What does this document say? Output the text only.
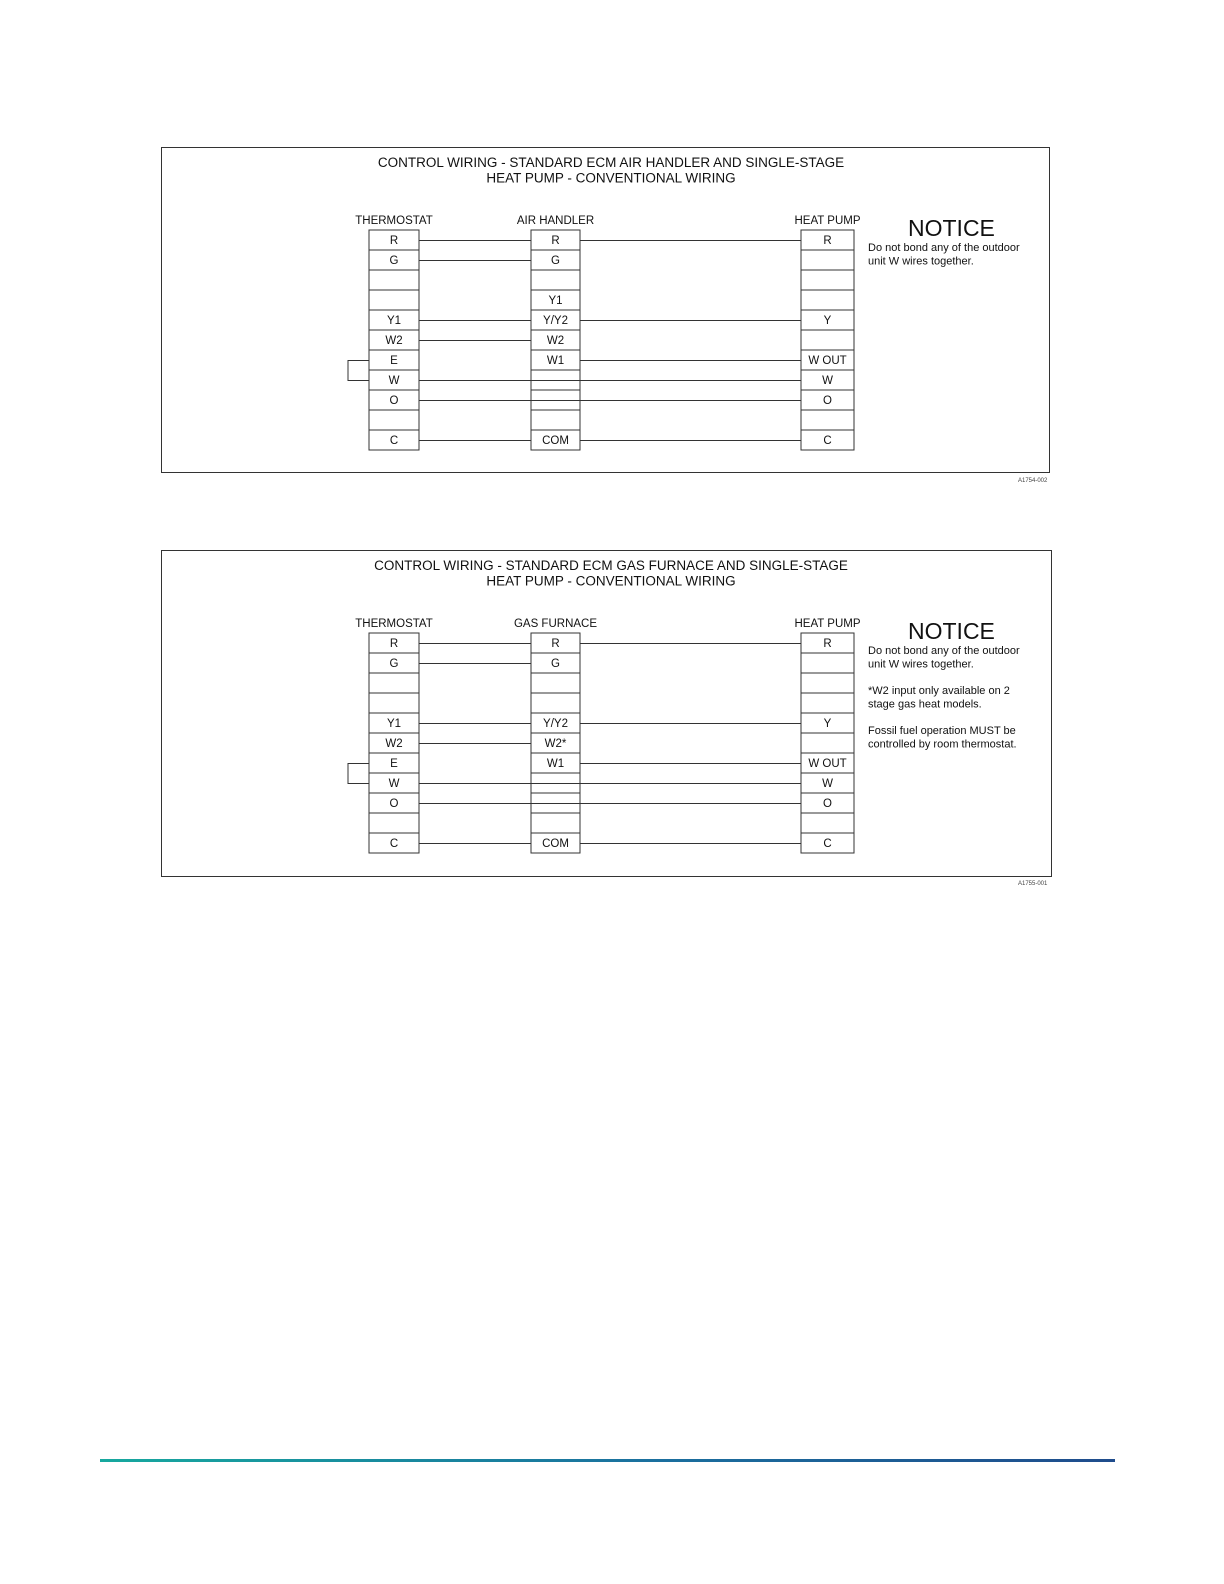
CONTROL WIRING - STANDARD ECM AIR HANDLER AND SINGLE-STAGE
HEAT PUMP - CONVENTIONAL WIRING
THERMOSTAT
R
G
Y1
W2
E
W
O
C
AIR HANDLER
R
G
Y1
Y/Y2
W2
W1
COM
HEAT PUMP
R
Y
W OUT
W
O
C
NOTICE
Do not bond any of the outdoor
unit W wires together.
A1754-002
CONTROL WIRING - STANDARD ECM GAS FURNACE AND SINGLE-STAGE
HEAT PUMP - CONVENTIONAL WIRING
THERMOSTAT
R
G
Y1
W2
E
W
O
C
GAS FURNACE
R
G
Y/Y2
W2*
W1
COM
HEAT PUMP
R
Y
W OUT
W
O
C
NOTICE
Do not bond any of the outdoor
unit W wires together.
*W2 input only available on 2
stage gas heat models.
Fossil fuel operation MUST be
controlled by room thermostat.
A1755-001
